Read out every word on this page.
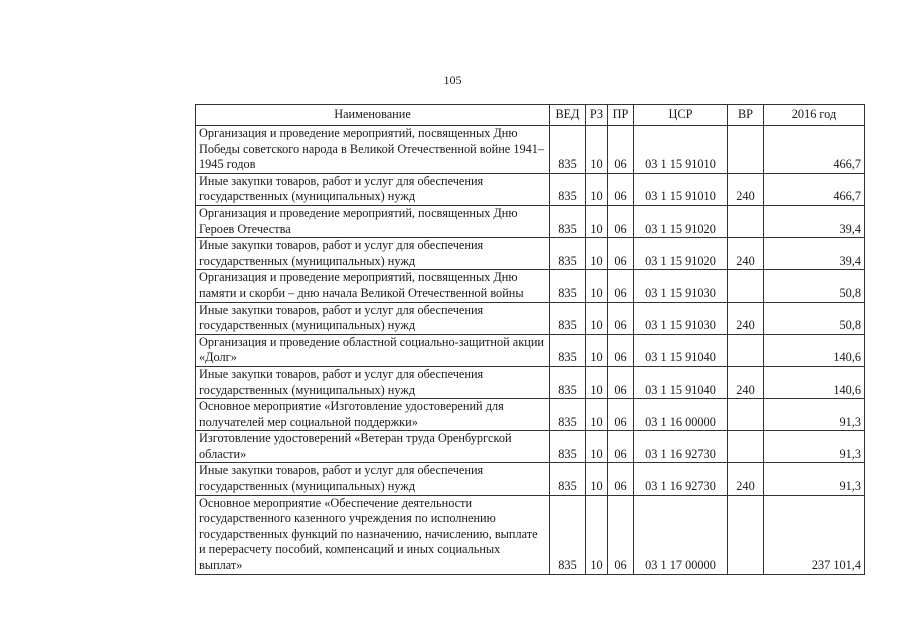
105
Наименование	ВЕД	РЗ	ПР	ЦСР	ВР	2016 год
Организация и проведение мероприятий, посвященных Дню Победы советского народа в Великой Отечественной войне 1941–1945 годов	835	10	06	03 1 15 91010		466,7
Иные закупки товаров, работ и услуг для обеспечения государственных (муниципальных) нужд	835	10	06	03 1 15 91010	240	466,7
Организация и проведение мероприятий, посвященных Дню Героев Отечества	835	10	06	03 1 15 91020		39,4
Иные закупки товаров, работ и услуг для обеспечения государственных (муниципальных) нужд	835	10	06	03 1 15 91020	240	39,4
Организация и проведение мероприятий, посвященных Дню памяти и скорби – дню начала Великой Отечественной войны	835	10	06	03 1 15 91030		50,8
Иные закупки товаров, работ и услуг для обеспечения государственных (муниципальных) нужд	835	10	06	03 1 15 91030	240	50,8
Организация и проведение областной социально-защитной акции «Долг»	835	10	06	03 1 15 91040		140,6
Иные закупки товаров, работ и услуг для обеспечения государственных (муниципальных) нужд	835	10	06	03 1 15 91040	240	140,6
Основное мероприятие «Изготовление удостоверений для получателей мер социальной поддержки»	835	10	06	03 1 16 00000		91,3
Изготовление удостоверений «Ветеран труда Оренбургской области»	835	10	06	03 1 16 92730		91,3
Иные закупки товаров, работ и услуг для обеспечения государственных (муниципальных) нужд	835	10	06	03 1 16 92730	240	91,3
Основное мероприятие «Обеспечение деятельности государственного казенного учреждения по исполнению государственных функций по назначению, начислению, выплате и перерасчету пособий, компенсаций и иных социальных выплат»	835	10	06	03 1 17 00000		237 101,4
